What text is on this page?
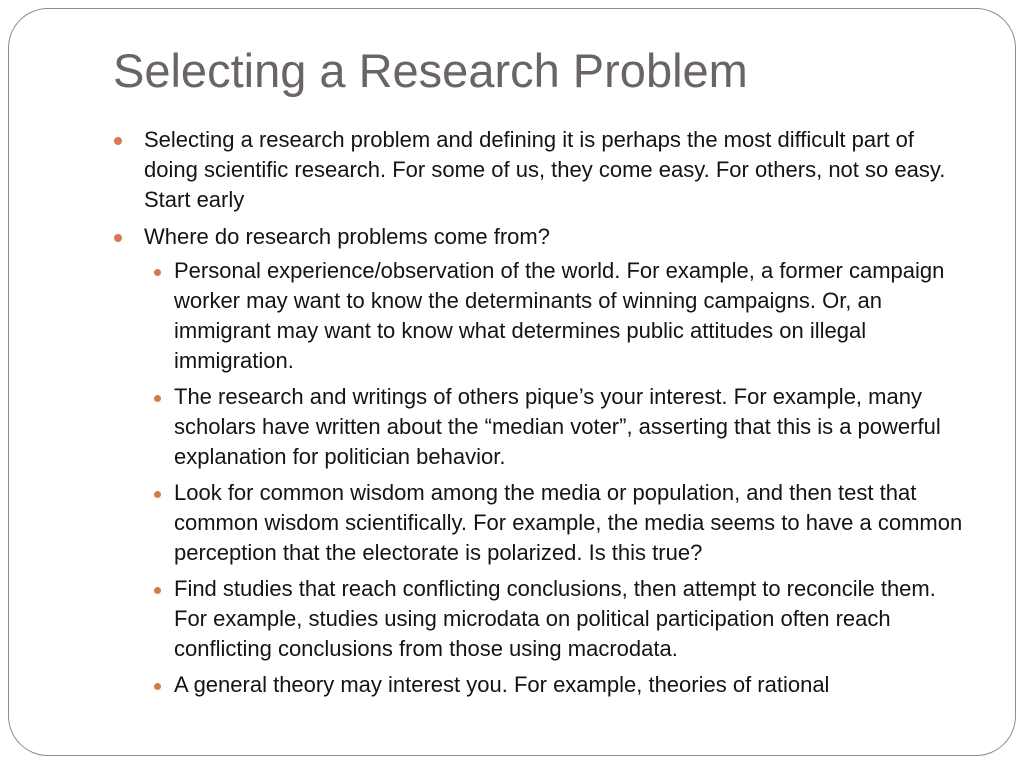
Selecting a Research Problem
Selecting a research problem and defining it is perhaps the most difficult part of doing scientific research. For some of us, they come easy. For others, not so easy. Start early
Where do research problems come from?
Personal experience/observation of the world. For example, a former campaign worker may want to know the determinants of winning campaigns. Or, an immigrant may want to know what determines public attitudes on illegal immigration.
The research and writings of others pique’s your interest. For example, many scholars have written about the “median voter”, asserting that this is a powerful explanation for politician behavior.
Look for common wisdom among the media or population, and then test that common wisdom scientifically. For example, the media seems to have a common perception that the electorate is polarized. Is this true?
Find studies that reach conflicting conclusions, then attempt to reconcile them. For example, studies using microdata on political participation often reach conflicting conclusions from those using macrodata.
A general theory may interest you. For example, theories of rational
